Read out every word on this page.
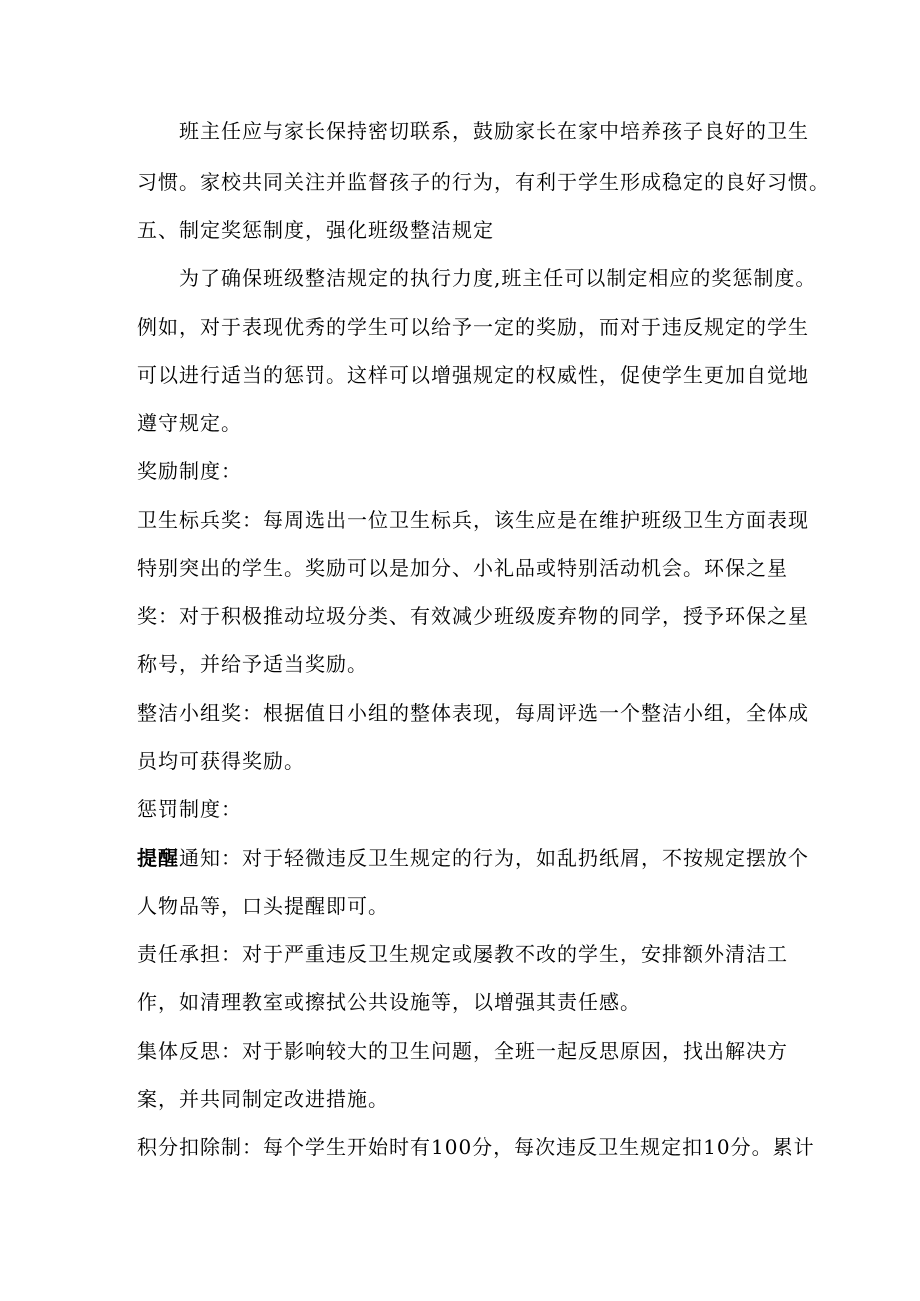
班主任应与家长保持密切联系，鼓励家长在家中培养孩子良好的卫生
习惯。家校共同关注并监督孩子的行为，有利于学生形成稳定的良好习惯。
五、制定奖惩制度，强化班级整洁规定
为了确保班级整洁规定的执行力度,班主任可以制定相应的奖惩制度。
例如，对于表现优秀的学生可以给予一定的奖励，而对于违反规定的学生
可以进行适当的惩罚。这样可以增强规定的权威性，促使学生更加自觉地
遵守规定。
奖励制度：
卫生标兵奖：每周选出一位卫生标兵，该生应是在维护班级卫生方面表现
特别突出的学生。奖励可以是加分、小礼品或特别活动机会。环保之星
奖：对于积极推动垃圾分类、有效减少班级废弃物的同学，授予环保之星
称号，并给予适当奖励。
整洁小组奖：根据值日小组的整体表现，每周评选一个整洁小组，全体成
员均可获得奖励。
惩罚制度：
提醒通知：对于轻微违反卫生规定的行为，如乱扔纸屑，不按规定摆放个
人物品等，口头提醒即可。
责任承担：对于严重违反卫生规定或屡教不改的学生，安排额外清洁工
作，如清理教室或擦拭公共设施等，以增强其责任感。
集体反思：对于影响较大的卫生问题，全班一起反思原因，找出解决方
案，并共同制定改进措施。
积分扣除制：每个学生开始时有100分，每次违反卫生规定扣10分。累计
